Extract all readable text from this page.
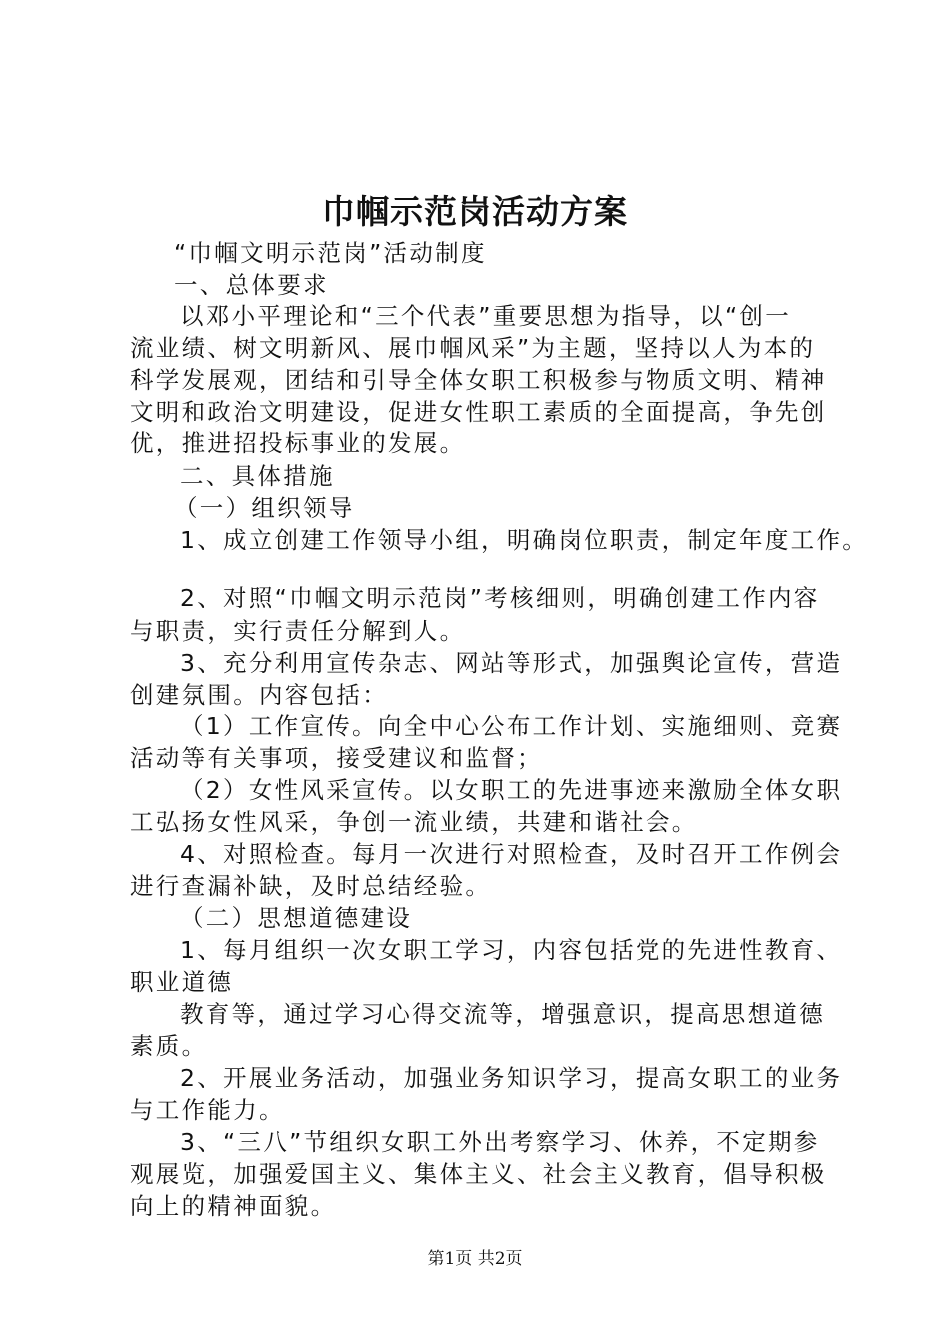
巾帼示范岗活动方案
“巾帼文明示范岗”活动制度
一、总体要求
以邓小平理论和“三个代表”重要思想为指导，以“创一
流业绩、树文明新风、展巾帼风采”为主题，坚持以人为本的
科学发展观，团结和引导全体女职工积极参与物质文明、精神
文明和政治文明建设，促进女性职工素质的全面提高，争先创
优，推进招投标事业的发展。
二、具体措施
（一）组织领导
1、成立创建工作领导小组，明确岗位职责，制定年度工作。
2、对照“巾帼文明示范岗”考核细则，明确创建工作内容
与职责，实行责任分解到人。
3、充分利用宣传杂志、网站等形式，加强舆论宣传，营造
创建氛围。内容包括：
（1）工作宣传。向全中心公布工作计划、实施细则、竞赛
活动等有关事项，接受建议和监督；
（2）女性风采宣传。以女职工的先进事迹来激励全体女职
工弘扬女性风采，争创一流业绩，共建和谐社会。
4、对照检查。每月一次进行对照检查，及时召开工作例会
进行查漏补缺，及时总结经验。
（二）思想道德建设
1、每月组织一次女职工学习，内容包括党的先进性教育、
职业道德
教育等，通过学习心得交流等，增强意识，提高思想道德
素质。
2、开展业务活动，加强业务知识学习，提高女职工的业务
与工作能力。
3、“三八”节组织女职工外出考察学习、休养，不定期参
观展览，加强爱国主义、集体主义、社会主义教育，倡导积极
向上的精神面貌。
第1页 共2页
